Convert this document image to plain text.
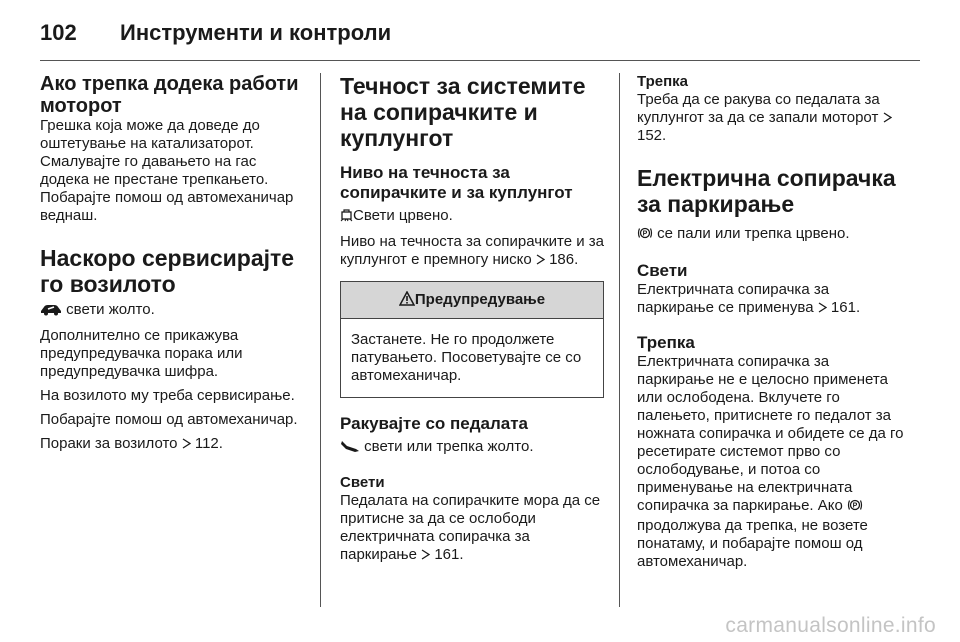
102 Инструменти и контроли
Ако трепка додека работи моторот

Грешка која може да доведе до оштетување на катализаторот. Смалувајте го давањето на гас додека не престане трепкањето. Побарајте помош од автомеханичар веднаш.

Наскоро сервисирајте го возилото

свети жолто.

Дополнително се прикажува предупредувачка порака или предупредувачка шифра.

На возилото му треба сервисирање.

Побарајте помош од автомеханичар.

Пораки за возилото 112.

Течност за системите на сопирачките и куплунгот
Ниво на течноста за сопирачките и за куплунгот

Свети црвено.

Ниво на течноста за сопирачките и за куплунгот е премногу ниско 186.

Предупредување

Застанете. Не го продолжете патувањето. Посоветувајте се со автомеханичар.

Ракувајте со педалата

свети или трепка жолто.

Свети

Педалата на сопирачките мора да се притисне за да се ослободи електричната сопирачка за паркирање 161.

Трепка

Треба да се ракува со педалата за куплунгот за да се запали моторот  152.

Електрична сопирачка за паркирање

P се пали или трепка црвено.

Свети

Електричната сопирачка за паркирање се применува 161.

Трепка

Електричната сопирачка за паркирање не е целосно применета или ослободена. Вклучете го палењето, притиснете го педалот за ножната сопирачка и обидете се да го ресетирате системот прво со ослободување, и потоа со применување на електричната сопирачка за паркирање. Ако P
продолжува да трепка, не возете понатаму, и побарајте помош од автомеханичар.

carmanualsonline.info
